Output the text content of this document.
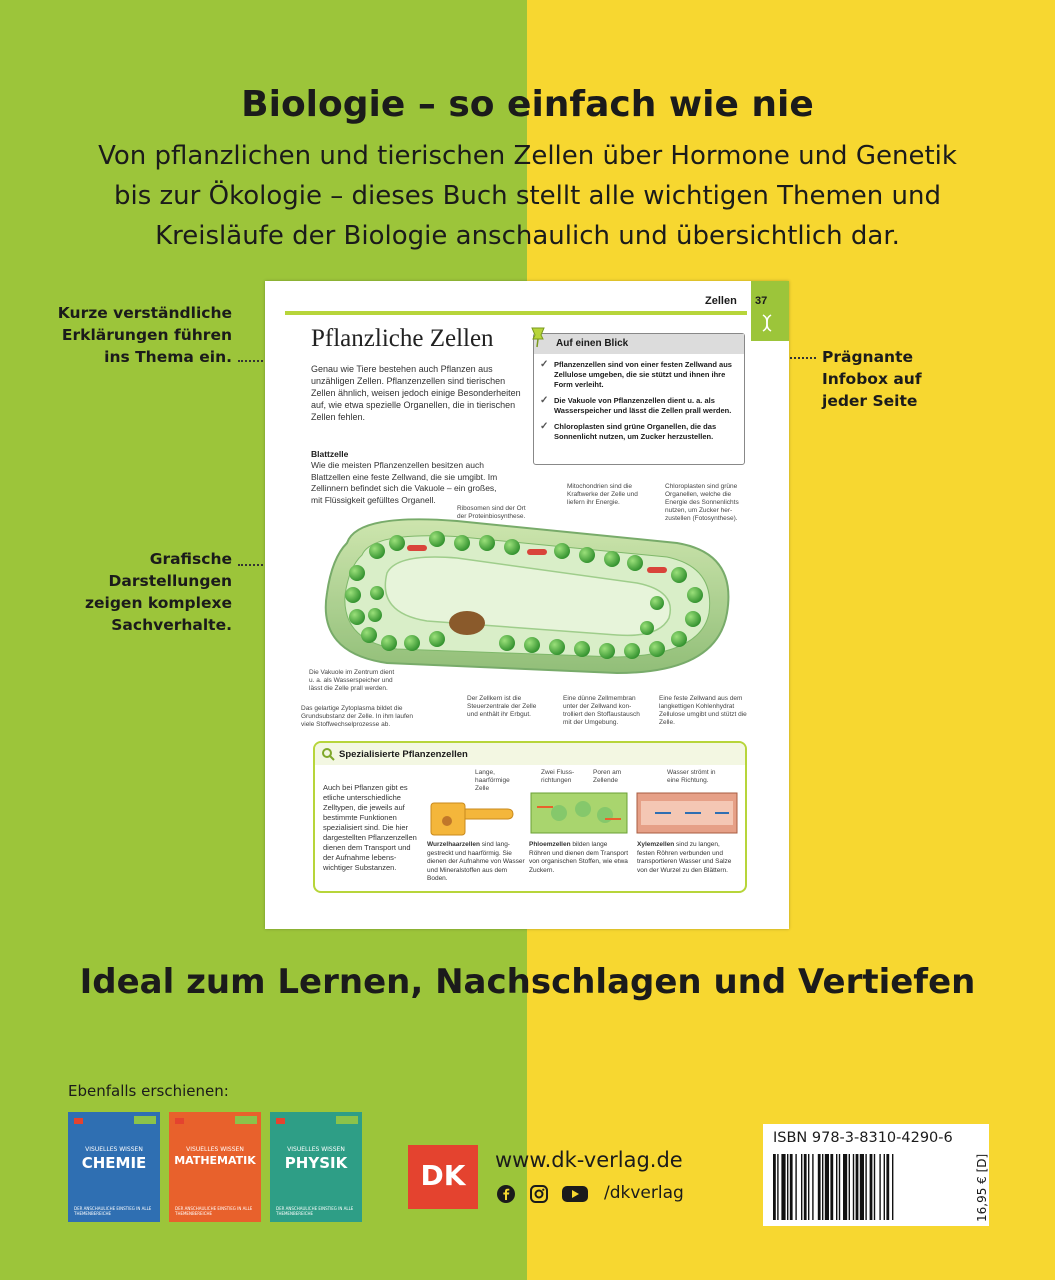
Biologie – so einfach wie nie
Von pflanzlichen und tierischen Zellen über Hormone und Genetik bis zur Ökologie – dieses Buch stellt alle wichtigen Themen und Kreisläufe der Biologie anschaulich und übersichtlich dar.
Kurze verständliche Erklärungen führen ins Thema ein.
Grafische Darstellungen zeigen komplexe Sachverhalte.
Prägnante Infobox auf jeder Seite
Zellen 37
Pflanzliche Zellen
Genau wie Tiere bestehen auch Pflanzen aus unzähligen Zellen. Pflanzenzellen sind tierischen Zellen ähnlich, weisen jedoch einige Besonderheiten auf, wie etwa spezielle Organellen, die in tierischen Zellen fehlen.
Auf einen Blick
✓ Pflanzenzellen sind von einer festen Zellwand aus Zellulose umgeben, die sie stützt und ihnen ihre Form verleiht.
✓ Die Vakuole von Pflanzenzellen dient u. a. als Wasserspeicher und lässt die Zellen prall werden.
✓ Chloroplasten sind grüne Organellen, die das Sonnenlicht nutzen, um Zucker herzustellen.
Blattzelle
Wie die meisten Pflanzenzellen besitzen auch Blattzellen eine feste Zellwand, die sie umgibt. Im Zellinnern befindet sich die Vakuole – ein großes, mit Flüssigkeit gefülltes Organell.
Ribosomen sind der Ort der Proteinbiosynthese.
Mitochondrien sind die Kraftwerke der Zelle und liefern ihr Energie.
Chloroplasten sind grüne Organellen, welche die Energie des Sonnenlichts nutzen, um Zucker her-zustellen (Fotosynthese).
Die Vakuole im Zentrum dient u. a. als Wasserspeicher und lässt die Zelle prall werden.
Das gelartige Zytoplasma bildet die Grundsubstanz der Zelle. In ihm laufen viele Stoffwechselprozesse ab.
Der Zellkern ist die Steuerzentrale der Zelle und enthält ihr Erbgut.
Eine dünne Zellmembran unter der Zellwand kon-trolliert den Stoffaustausch mit der Umgebung.
Eine feste Zellwand aus dem langkettigen Kohlenhydrat Zellulose umgibt und stützt die Zelle.
Spezialisierte Pflanzenzellen
Auch bei Pflanzen gibt es etliche unterschiedliche Zelltypen, die jeweils auf bestimmte Funktionen spezialisiert sind. Die hier dargestellten Pflanzenzellen dienen dem Transport und der Aufnahme lebens-wichtiger Substanzen.
Lange, haarförmige Zelle
Zwei Fluss-richtungen
Poren am Zellende
Wasser strömt in eine Richtung.
Wurzelhaarzellen sind lang-gestreckt und haarförmig. Sie dienen der Aufnahme von Wasser und Mineralstoffen aus dem Boden.
Phloemzellen bilden lange Röhren und dienen dem Transport von organischen Stoffen, wie etwa Zuckern.
Xylemzellen sind zu langen, festen Röhren verbunden und transportieren Wasser und Salze von der Wurzel zu den Blättern.
Ideal zum Lernen, Nachschlagen und Vertiefen
Ebenfalls erschienen:
VISUELLES WISSEN
CHEMIE
DER ANSCHAULICHE EINSTIEG IN ALLE THEMENBEREICHE
VISUELLES WISSEN
MATHEMATIK
DER ANSCHAULICHE EINSTIEG IN ALLE THEMENBEREICHE
VISUELLES WISSEN
PHYSIK
DER ANSCHAULICHE EINSTIEG IN ALLE THEMENBEREICHE
DK	www.dk-verlag.de
/dkverlag
ISBN 978-3-8310-4290-6
16,95 € [D]
